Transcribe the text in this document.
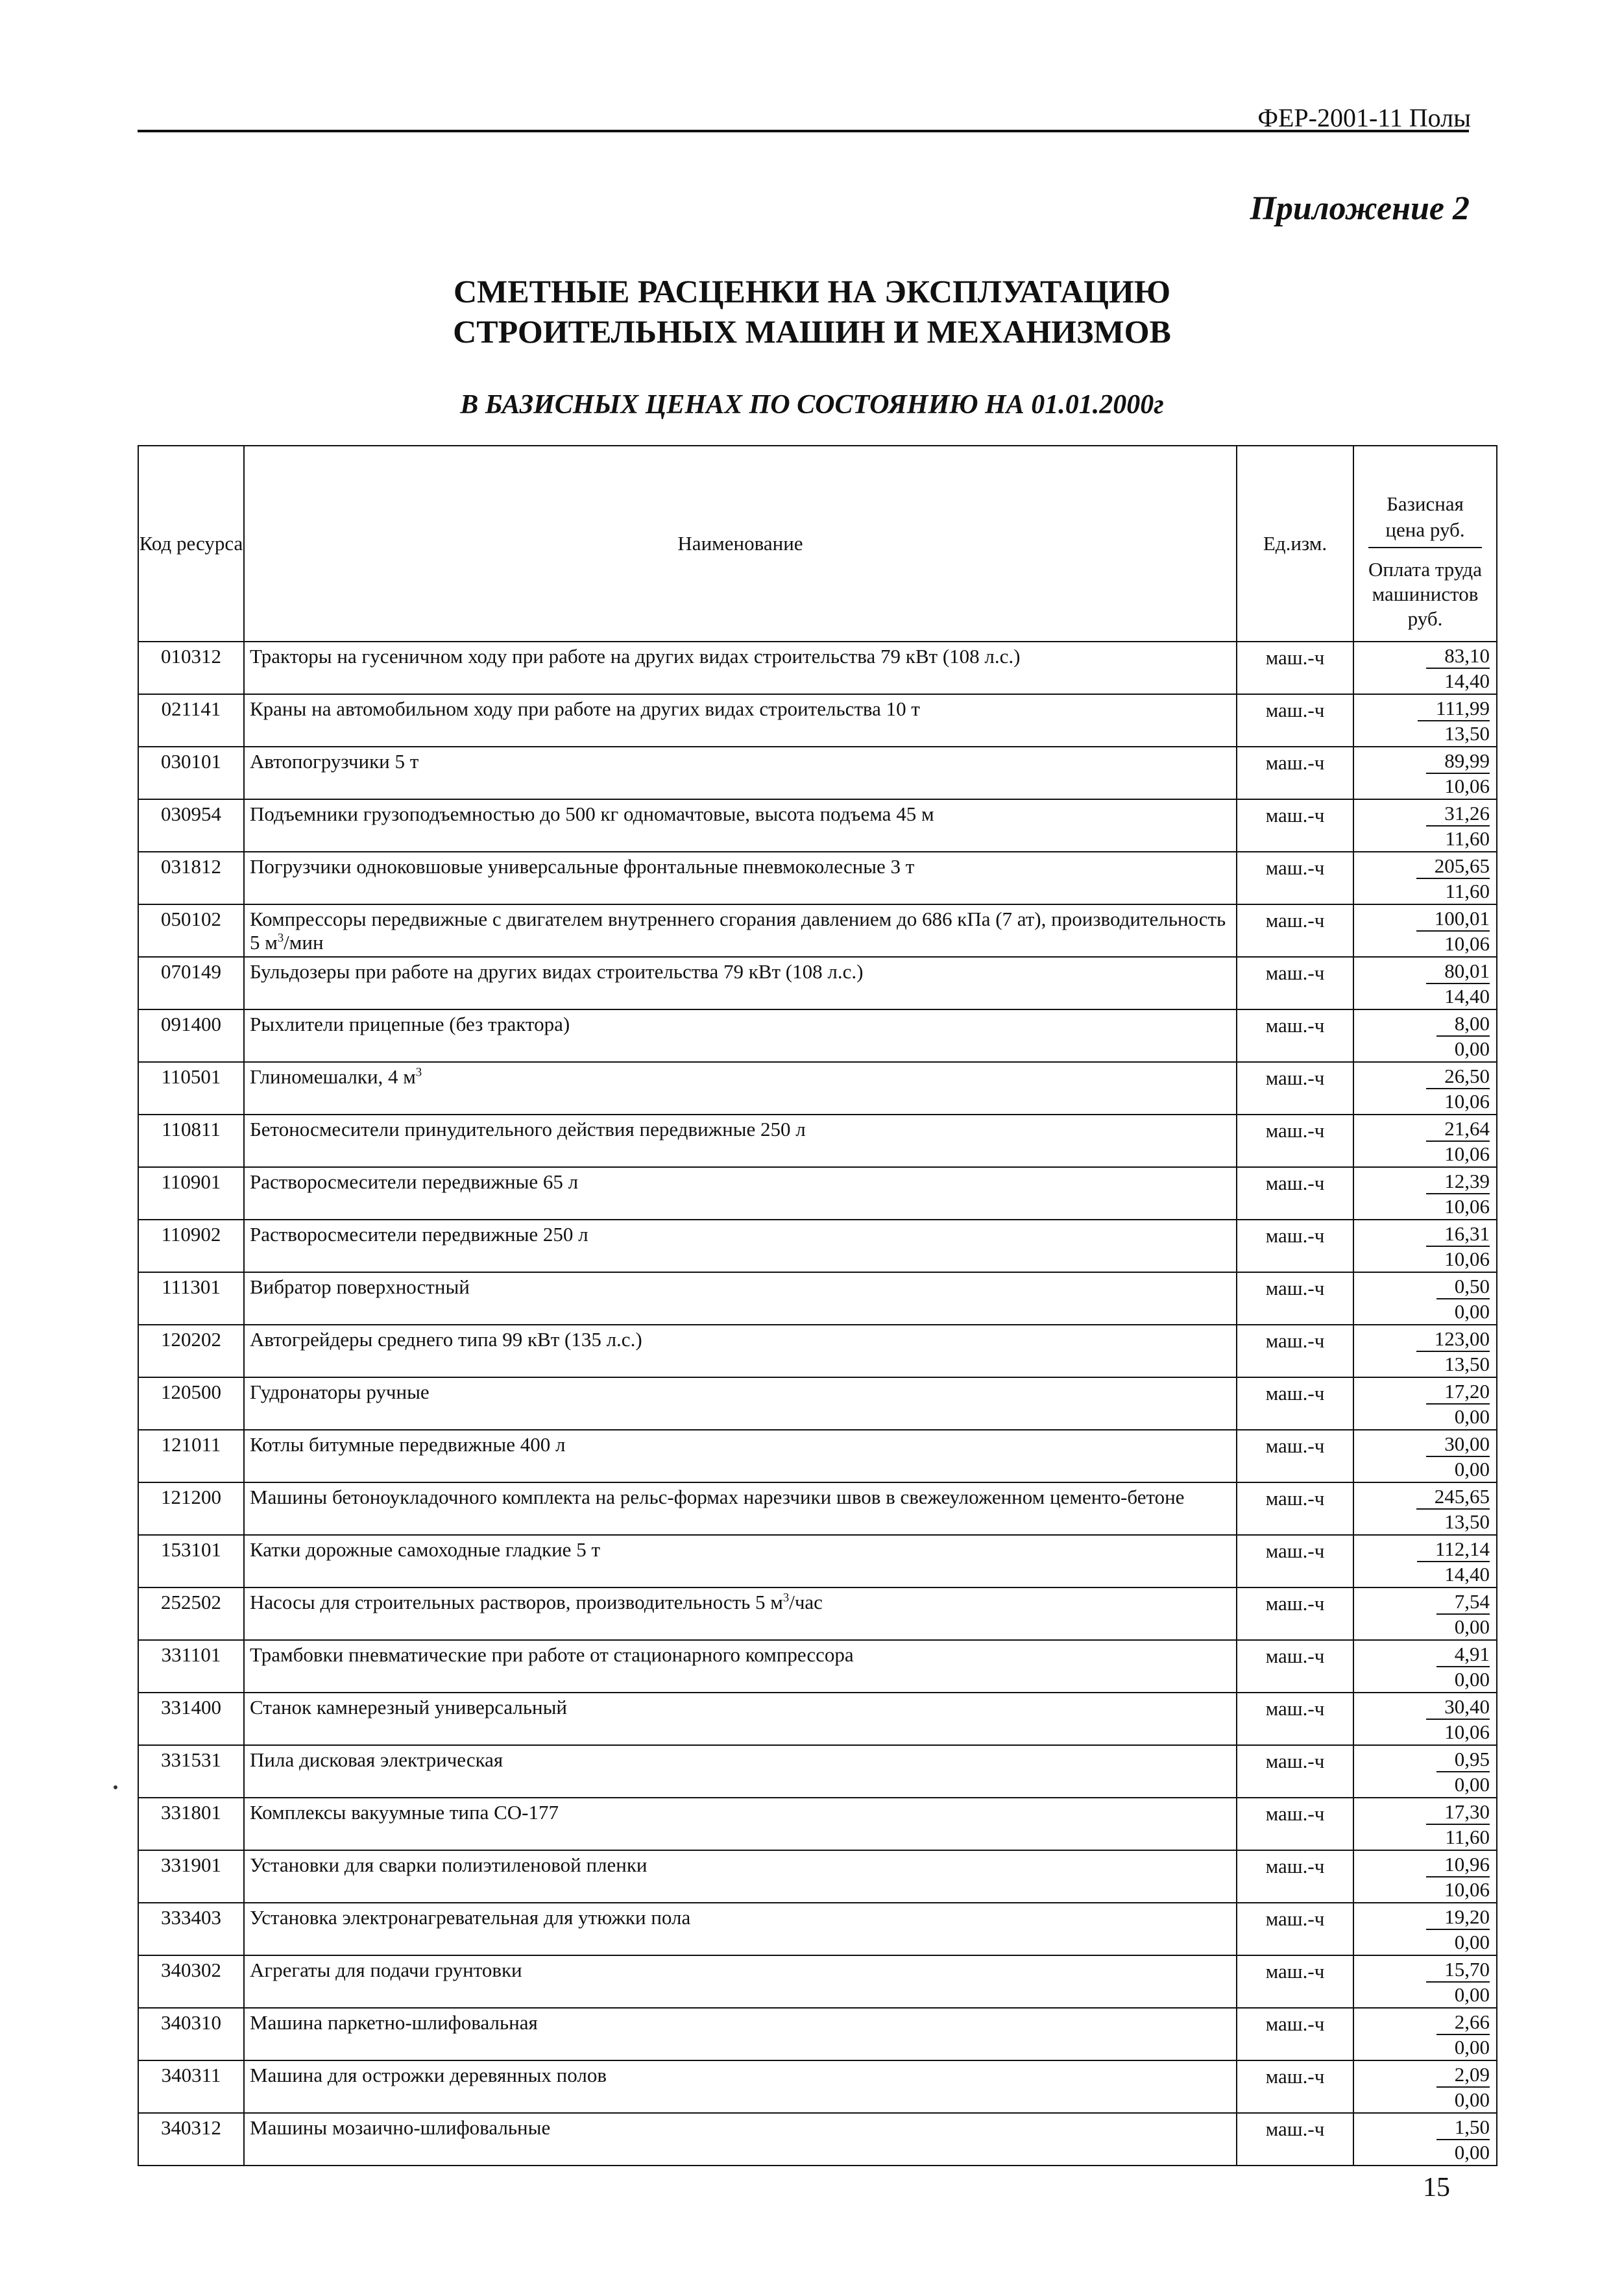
ФЕР-2001-11 Полы
Приложение 2
СМЕТНЫЕ РАСЦЕНКИ НА ЭКСПЛУАТАЦИЮ
СТРОИТЕЛЬНЫХ МАШИН И МЕХАНИЗМОВ
В БАЗИСНЫХ ЦЕНАХ ПО СОСТОЯНИЮ НА 01.01.2000г
Код ресурса	Наименование	Ед.изм.	Базисная цена руб.
Оплата труда машинистов руб.

010312	Тракторы на гусеничном ходу при работе на других видах строительства 79 кВт (108 л.с.)	маш.-ч	83,10
14,40

021141	Краны на автомобильном ходу при работе на других видах строительства 10 т	маш.-ч	111,99
13,50

030101	Автопогрузчики 5 т	маш.-ч	89,99
10,06

030954	Подъемники грузоподъемностью до 500 кг одномачтовые, высота подъема 45 м	маш.-ч	31,26
11,60

031812	Погрузчики одноковшовые универсальные фронтальные пневмоколесные 3 т	маш.-ч	205,65
11,60

050102	Компрессоры передвижные с двигателем внутреннего сгорания давлением до 686 кПа (7 ат), производительность 5 $м^3$/мин	маш.-ч	100,01
10,06

070149	Бульдозеры при работе на других видах строительства 79 кВт (108 л.с.)	маш.-ч	80,01
14,40

091400	Рыхлители прицепные (без трактора)	маш.-ч	8,00
0,00

110501	Глиномешалки, 4 $м^3$	маш.-ч	26,50
10,06

110811	Бетоносмесители принудительного действия передвижные 250 л	маш.-ч	21,64
10,06

110901	Растворосмесители передвижные 65 л	маш.-ч	12,39
10,06

110902	Растворосмесители передвижные 250 л	маш.-ч	16,31
10,06

111301	Вибратор поверхностный	маш.-ч	0,50
0,00

120202	Автогрейдеры среднего типа 99 кВт (135 л.с.)	маш.-ч	123,00
13,50

120500	Гудронаторы ручные	маш.-ч	17,20
0,00

121011	Котлы битумные передвижные 400 л	маш.-ч	30,00
0,00

121200	Машины бетоноукладочного комплекта на рельс-формах нарезчики швов в свежеуложенном цементо-бетоне	маш.-ч	245,65
13,50

153101	Катки дорожные самоходные гладкие 5 т	маш.-ч	112,14
14,40

252502	Насосы для строительных растворов, производительность 5 $м^3$/час	маш.-ч	7,54
0,00

331101	Трамбовки пневматические при работе от стационарного компрессора	маш.-ч	4,91
0,00

331400	Станок камнерезный универсальный	маш.-ч	30,40
10,06

331531	Пила дисковая электрическая	маш.-ч	0,95
0,00

331801	Комплексы вакуумные типа СО-177	маш.-ч	17,30
11,60

331901	Установки для сварки полиэтиленовой пленки	маш.-ч	10,96
10,06

333403	Установка электронагревательная для утюжки пола	маш.-ч	19,20
0,00

340302	Агрегаты для подачи грунтовки	маш.-ч	15,70
0,00

340310	Машина паркетно-шлифовальная	маш.-ч	2,66
0,00

340311	Машина для острожки деревянных полов	маш.-ч	2,09
0,00

340312	Машины мозаично-шлифовальные	маш.-ч	1,50
0,00
15
